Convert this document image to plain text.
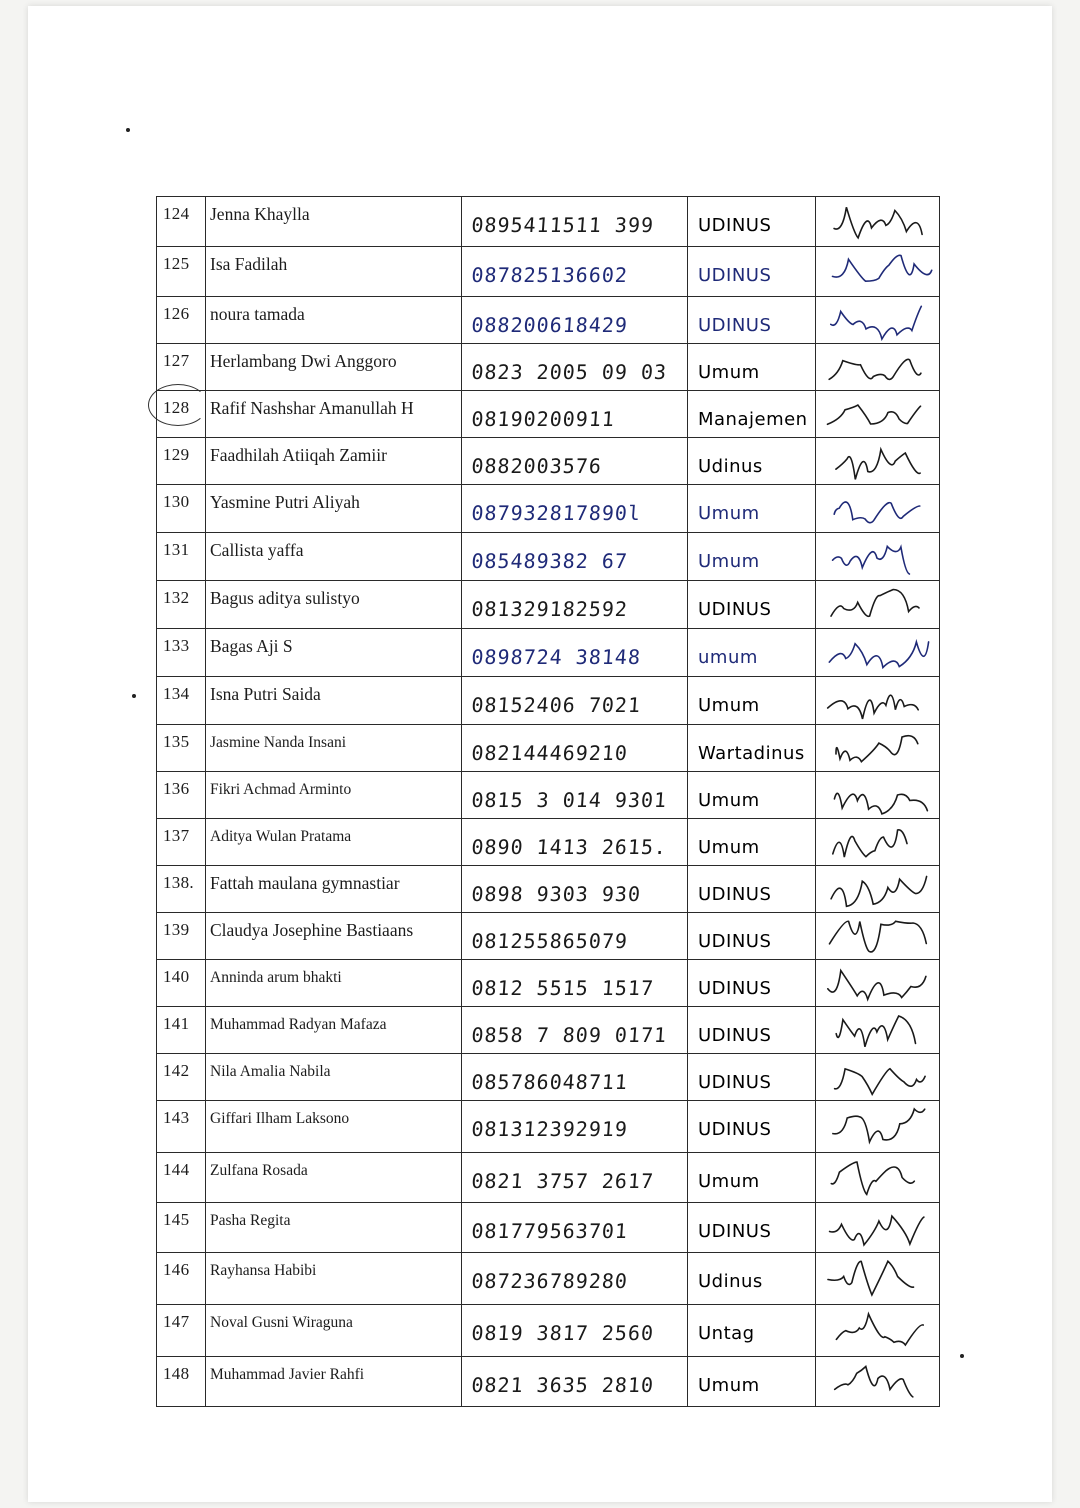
124	Jenna Khaylla	0895411511 399	UDINUS

125	Isa Fadilah	087825136602	UDINUS

126	noura tamada	088200618429	UDINUS

127	Herlambang Dwi Anggoro	0823 2005 09 03	Umum

128	Rafif Nashshar Amanullah H	08190200911	Manajemen

129	Faadhilah Atiiqah Zamiir	0882003576	Udinus

130	Yasmine Putri Aliyah	087932817890l	Umum

131	Callista yaffa	085489382 67	Umum

132	Bagus aditya sulistyo	081329182592	UDINUS

133	Bagas Aji S	0898724 38148	umum

134	Isna Putri Saida	08152406 7021	Umum

135	Jasmine Nanda Insani	082144469210	Wartadinus

136	Fikri Achmad Arminto	0815 3 014 9301	Umum

137	Aditya Wulan Pratama	0890 1413 2615.	Umum

138.	Fattah maulana gymnastiar	0898 9303 930	UDINUS

139	Claudya Josephine Bastiaans	081255865079	UDINUS

140	Anninda arum bhakti	0812 5515 1517	UDINUS

141	Muhammad Radyan Mafaza	0858 7 809 0171	UDINUS

142	Nila Amalia Nabila	085786048711	UDINUS

143	Giffari Ilham Laksono	081312392919	UDINUS

144	Zulfana Rosada	0821 3757 2617	Umum

145	Pasha Regita	081779563701	UDINUS

146	Rayhansa Habibi	087236789280	Udinus

147	Noval Gusni Wiraguna	0819 3817 2560	Untag

148	Muhammad Javier Rahfi	0821 3635 2810	Umum
